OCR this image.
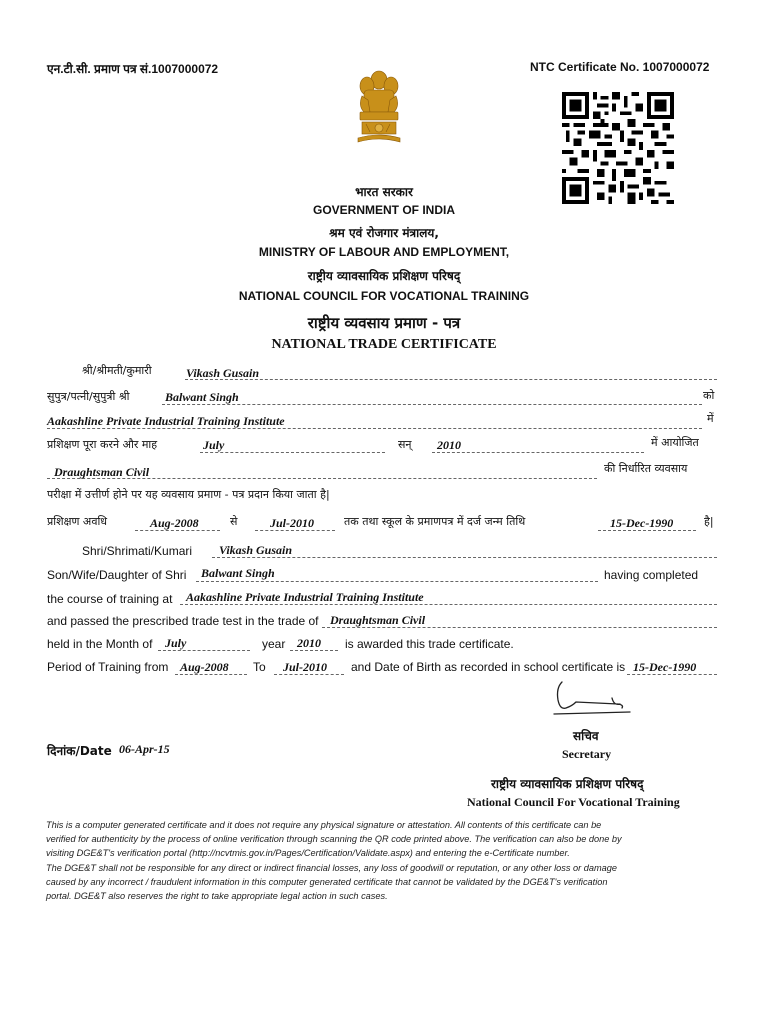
एन.टी.सी. प्रमाण पत्र सं.1007000072	NTC Certificate No. 1007000072
भारत सरकार
GOVERNMENT OF INDIA
श्रम एवं रोजगार मंत्रालय,
MINISTRY OF LABOUR AND EMPLOYMENT,
राष्ट्रीय व्यावसायिक प्रशिक्षण परिषद्
NATIONAL COUNCIL FOR VOCATIONAL TRAINING
राष्ट्रीय व्यवसाय प्रमाण - पत्र
NATIONAL TRADE CERTIFICATE
श्री/श्रीमती/कुमारी	Vikash Gusain
सुपुत्र/पत्नी/सुपुत्री श्री	Balwant Singh	को
Aakashline Private Industrial Training Institute	में
प्रशिक्षण पूरा करने और माह	July	सन् 2010	में आयोजित
Draughtsman Civil	की निर्धारित व्यवसाय
परीक्षा में उत्तीर्ण होने पर यह व्यवसाय प्रमाण - पत्र प्रदान किया जाता है|
प्रशिक्षण अवधि	Aug-2008	से	Jul-2010	तक तथा स्कूल के प्रमाणपत्र में दर्ज जन्म तिथि	15-Dec-1990	है|
Shri/Shrimati/Kumari Vikash Gusain
Son/Wife/Daughter of Shri Balwant Singh	having completed
the course of training at Aakashline Private Industrial Training Institute
and passed the prescribed trade test in the trade of Draughtsman Civil
held in the Month of July	year 2010 is awarded this trade certificate.
Period of Training from Aug-2008 To Jul-2010 and Date of Birth as recorded in school certificate is 15-Dec-1990
दिनांक/Date 06-Apr-15
सचिव
Secretary
राष्ट्रीय व्यावसायिक प्रशिक्षण परिषद्
National Council For Vocational Training

This is a computer generated certificate and it does not require any physical signature or attestation. All contents of this certificate can be

verified for authenticity by the process of online verification through scanning the QR code printed above. The verification can also be done by

visiting DGE&T's verification portal (http://ncvtmis.gov.in/Pages/Certification/Validate.aspx) and entering the e-Certificate number.

The DGE&T shall not be responsible for any direct or indirect financial losses, any loss of goodwill or reputation, or any other loss or damage

caused by any incorrect / fraudulent information in this computer generated certificate that cannot be validated by the DGE&T's verification

portal. DGE&T also reserves the right to take appropriate legal action in such cases.
